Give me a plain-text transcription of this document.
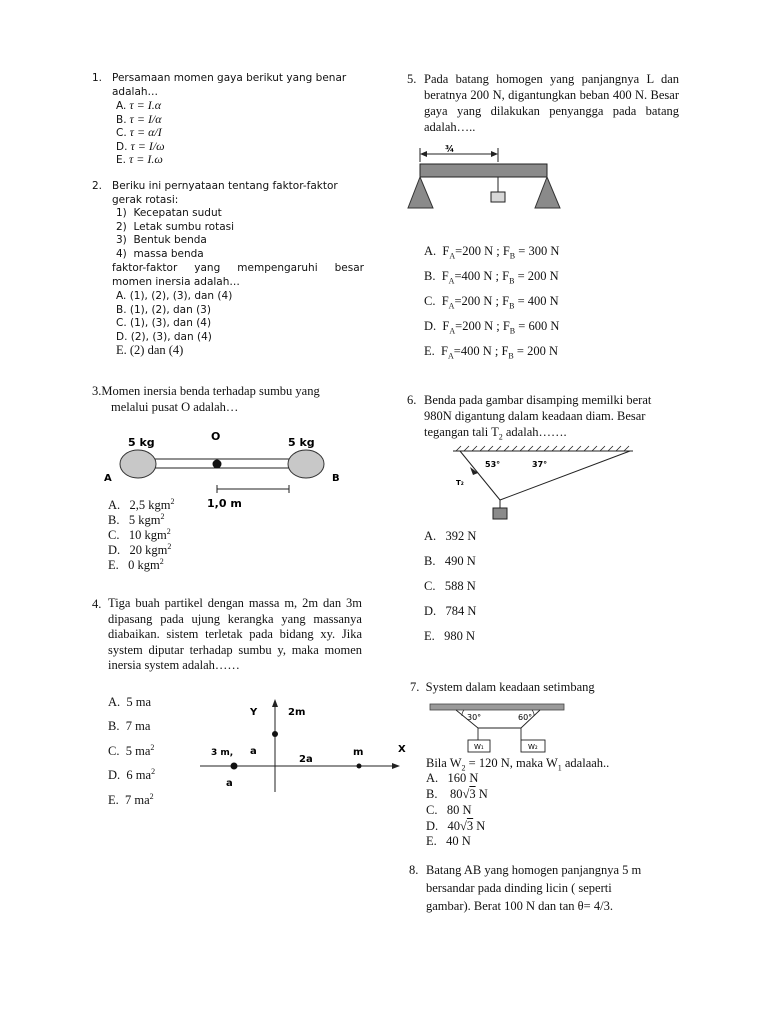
1. Persamaan momen gaya berikut yang benar adalah…
A. τ = I.α
B. τ = I/α
C. τ = α/I
D. τ = I/ω
E. τ = I.ω
2. Beriku ini pernyataan tentang faktor-faktor gerak rotasi:
1) Kecepatan sudut
2) Letak sumbu rotasi
3) Bentuk benda
4) massa benda
faktor-faktor yang mempengaruhi besar momen inersia adalah…
A. (1), (2), (3), dan (4)
B. (1), (2), dan (3)
C. (1), (3), dan (4)
D. (2), (3), dan (4)
E. (2) dan (4)
3.Momen inersia benda terhadap sumbu yang
melalui pusat O adalah…
5 kg	O	5 kg
A	B
1,0 m
A. 2,5 kgm$^2$
B. 5 kgm$^2$
C. 10 kgm$^2$
D. 20 kgm$^2$
E. 0 kgm$^2$
4. Tiga buah partikel dengan massa m, 2m dan 3m dipasang pada ujung kerangka yang massanya diabaikan. sistem terletak pada bidang xy. Jika system diputar terhadap sumbu y, maka momen inersia system adalah……
A. 5 ma
B. 7 ma
C. 5 $ma^2$
D. 6 $ma^2$
E. 7 $ma^2$
Y	2m
X
3 m, a
2a
m
a
5. Pada batang homogen yang panjangnya L dan beratnya 200 N, digantungkan beban 400 N. Besar gaya yang dilakukan penyangga pada batang adalah…..
¾
A. $F_A=200$ N ; $F_B = 300$ N
B. $F_A=400$ N ; $F_B = 200$ N
C. $F_A=200$ N ; $F_B = 400$ N
D. $F_A=200$ N ; $F_B = 600$ N
E. $F_A=400$ N ; $F_B = 200$ N
6. Benda pada gambar disamping memilki berat
980N digantung dalam keadaan diam. Besar
tegangan tali $T_2$ adalah…….
53°	37°
T₂
A. 392 N
B. 490 N
C. 588 N
D. 784 N
E. 980 N
7. System dalam keadaan setimbang
30°	60°
W₁	W₂
Bila $W_2 = 120$ N, maka $W_1$ adalaah..
A. 160 N
B.    80√3 N
C. 80 N
D. 40√3 N
E. 40 N
8. Batang AB yang homogen panjangnya 5 m
bersandar pada dinding licin ( seperti
gambar). Berat 100 N dan tan θ= 4/3.
